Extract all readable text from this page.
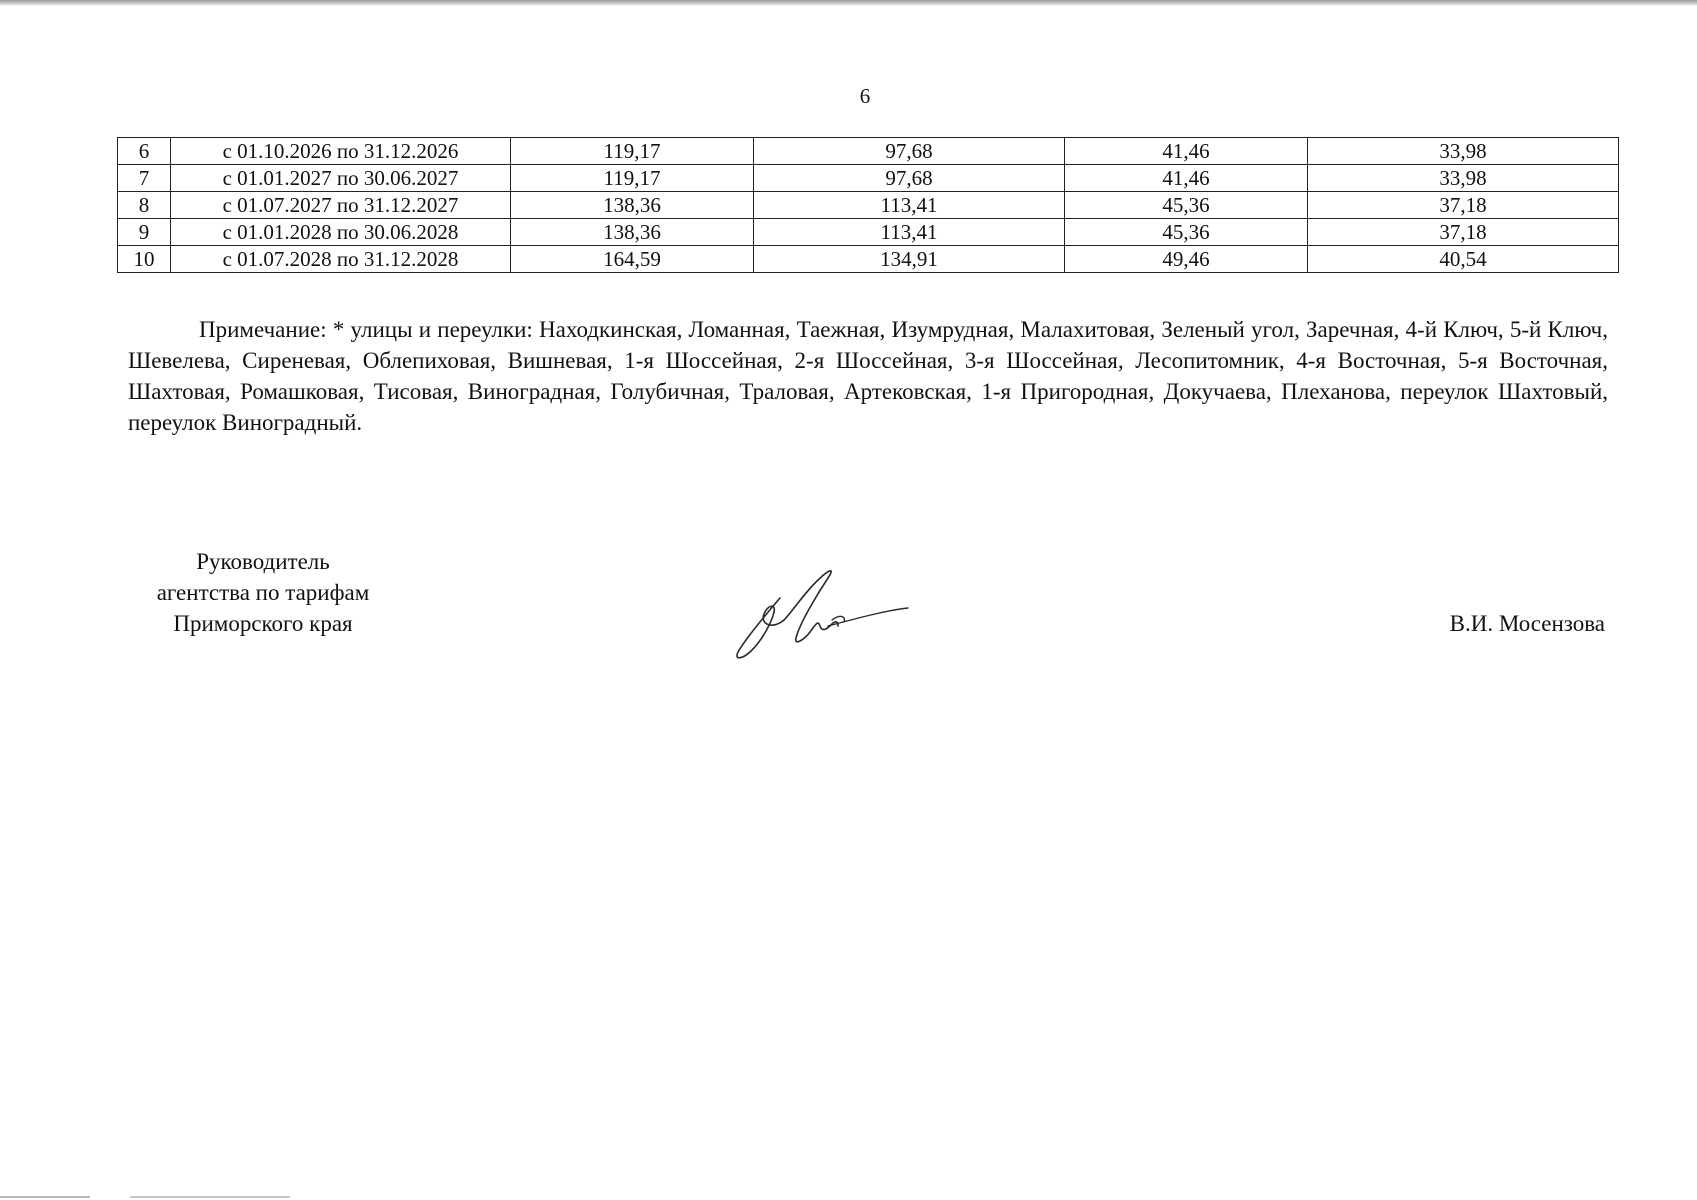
6
6	с 01.10.2026 по 31.12.2026	119,17	97,68	41,46	33,98
7	с 01.01.2027 по 30.06.2027	119,17	97,68	41,46	33,98
8	с 01.07.2027 по 31.12.2027	138,36	113,41	45,36	37,18
9	с 01.01.2028 по 30.06.2028	138,36	113,41	45,36	37,18
10	с 01.07.2028 по 31.12.2028	164,59	134,91	49,46	40,54

Примечание: * улицы и переулки: Находкинская, Ломанная, Таежная, Изумрудная, Малахитовая, Зеленый угол, Заречная, 4-й Ключ, 5-й Ключ, Шевелева, Сиреневая, Облепиховая, Вишневая, 1-я Шоссейная, 2-я Шоссейная, 3-я Шоссейная, Лесопитомник, 4-я Восточная, 5-я Восточная, Шахтовая, Ромашковая, Тисовая, Виноградная, Голубичная, Траловая, Артековская, 1-я Пригородная, Докучаева, Плеханова, переулок Шахтовый, переулок Виноградный.

Руководитель
агентства по тарифам
Приморского края	В.И. Мосензова
